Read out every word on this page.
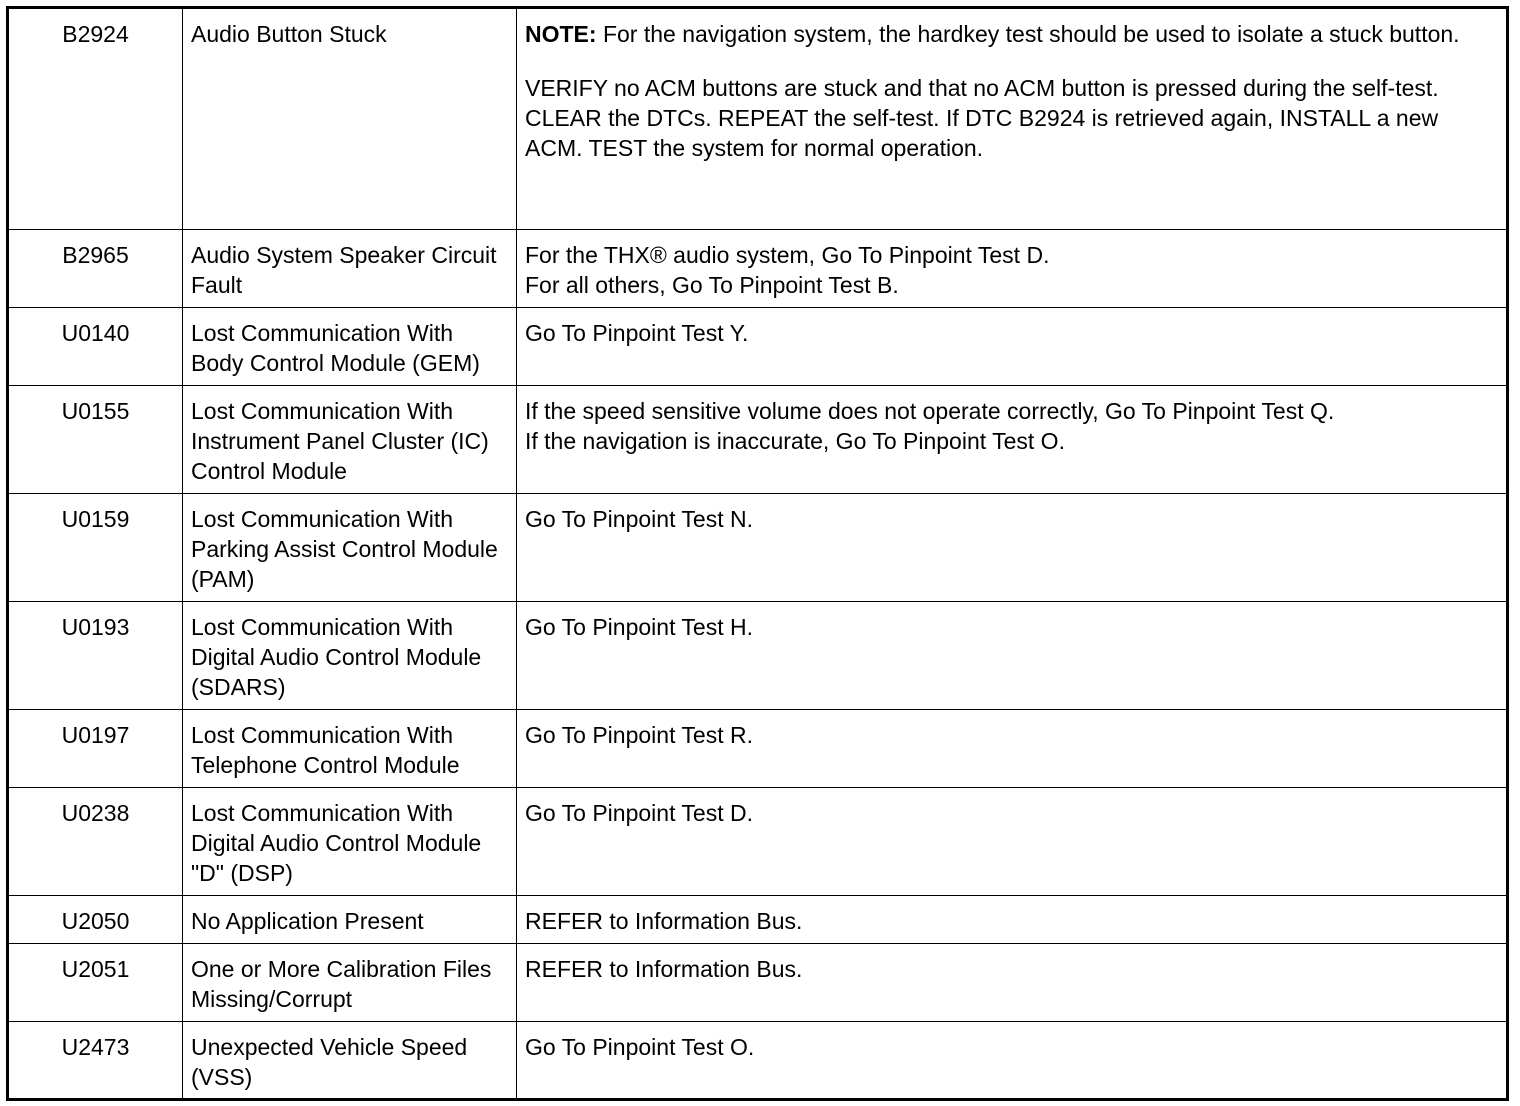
B2924	Audio Button Stuck	NOTE: For the navigation system, the hardkey test should be used to isolate a stuck button.
VERIFY no ACM buttons are stuck and that no ACM button is pressed during the self-test. CLEAR the DTCs. REPEAT the self-test. If DTC B2924 is retrieved again, INSTALL a new ACM. TEST the system for normal operation.

B2965	Audio System Speaker Circuit Fault	For the THX® audio system, Go To Pinpoint Test D.
For all others, Go To Pinpoint Test B.

U0140	Lost Communication With Body Control Module (GEM)	Go To Pinpoint Test Y.
U0155	Lost Communication With Instrument Panel Cluster (IC) Control Module	If the speed sensitive volume does not operate correctly, Go To Pinpoint Test Q.
If the navigation is inaccurate, Go To Pinpoint Test O.

U0159	Lost Communication With Parking Assist Control Module (PAM)	Go To Pinpoint Test N.
U0193	Lost Communication With Digital Audio Control Module (SDARS)	Go To Pinpoint Test H.
U0197	Lost Communication With Telephone Control Module	Go To Pinpoint Test R.
U0238	Lost Communication With Digital Audio Control Module "D" (DSP)	Go To Pinpoint Test D.
U2050	No Application Present	REFER to Information Bus.
U2051	One or More Calibration Files Missing/Corrupt	REFER to Information Bus.
U2473	Unexpected Vehicle Speed (VSS)	Go To Pinpoint Test O.
